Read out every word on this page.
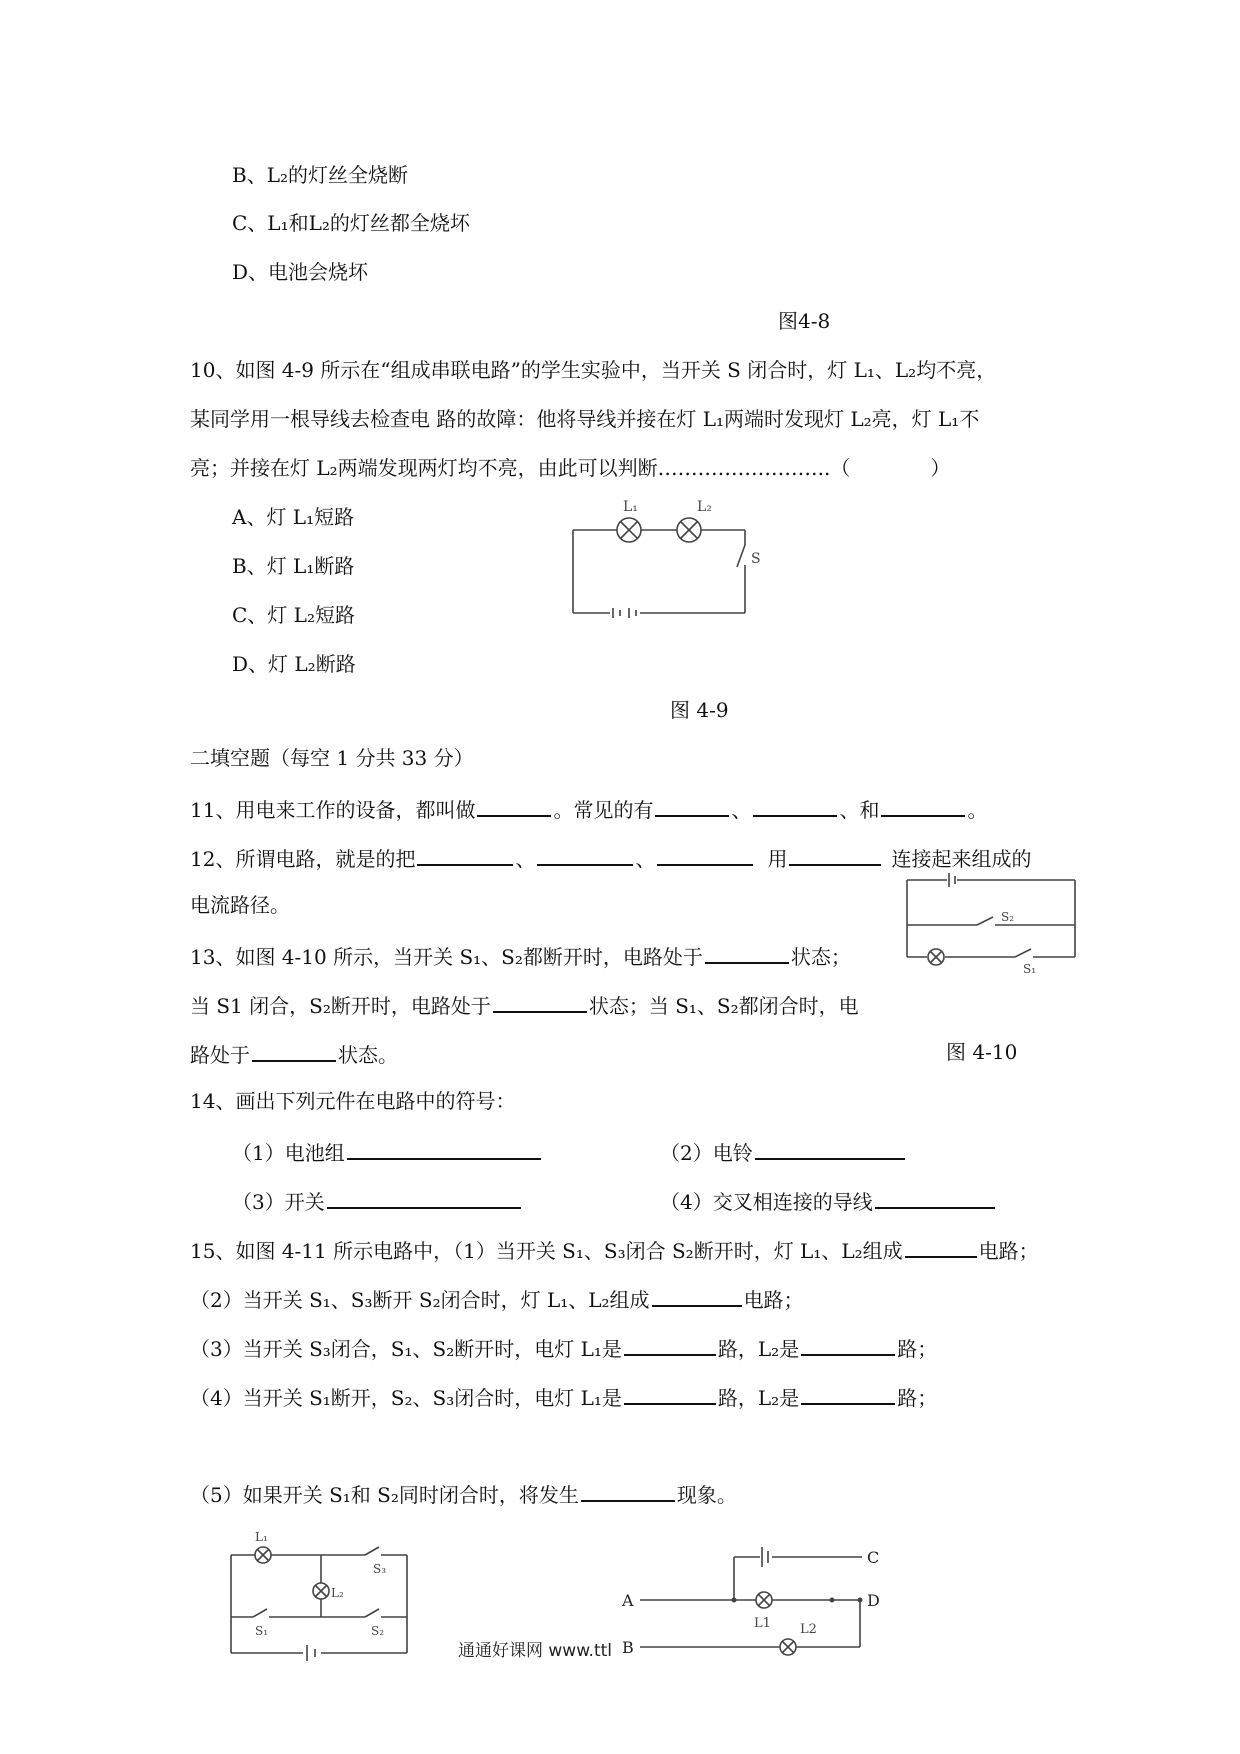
B、L₂的灯丝全烧断
C、L₁和L₂的灯丝都全烧坏
D、电池会烧坏
图4-8
10、如图 4-9 所示在“组成串联电路”的学生实验中，当开关 S 闭合时，灯 L₁、L₂均不亮，
某同学用一根导线去检查电 路的故障：他将导线并接在灯 L₁两端时发现灯 L₂亮，灯 L₁不
亮；并接在灯 L₂两端发现两灯均不亮，由此可以判断……………………..（　　　　）
A、灯 L₁短路
B、灯 L₁断路
C、灯 L₂短路
D、灯 L₂断路
L₁	L₂
S
图 4-9
二填空题（每空 1 分共 33 分）
11、用电来工作的设备，都叫做	。常见的有	、	、和	。
12、所谓电路，就是的把	、	、	用	连接起来组成的
电流路径。	S₂
S₁
13、如图 4-10 所示，当开关 S₁、S₂都断开时，电路处于	状态；
当 S1 闭合，S₂断开时，电路处于	状态；当 S₁、S₂都闭合时，电
路处于	状态。	图 4-10
14、画出下列元件在电路中的符号：
（1）电池组	（2）电铃
（3）开关	（4）交叉相连接的导线
15、如图 4-11 所示电路中，（1）当开关 S₁、S₃闭合 S₂断开时，灯 L₁、L₂组成	电路；
（2）当开关 S₁、S₃断开 S₂闭合时，灯 L₁、L₂组成	电路；
（3）当开关 S₃闭合，S₁、S₂断开时，电灯 L₁是	路，L₂是	路；
（4）当开关 S₁断开，S₂、S₃闭合时，电灯 L₁是	路，L₂是	路；
（5）如果开关 S₁和 S₂同时闭合时，将发生	现象。
L₁
L₂
S₃
S₁	S₂
C
A	D
B
L1 L2
通通好课网 www.ttl
